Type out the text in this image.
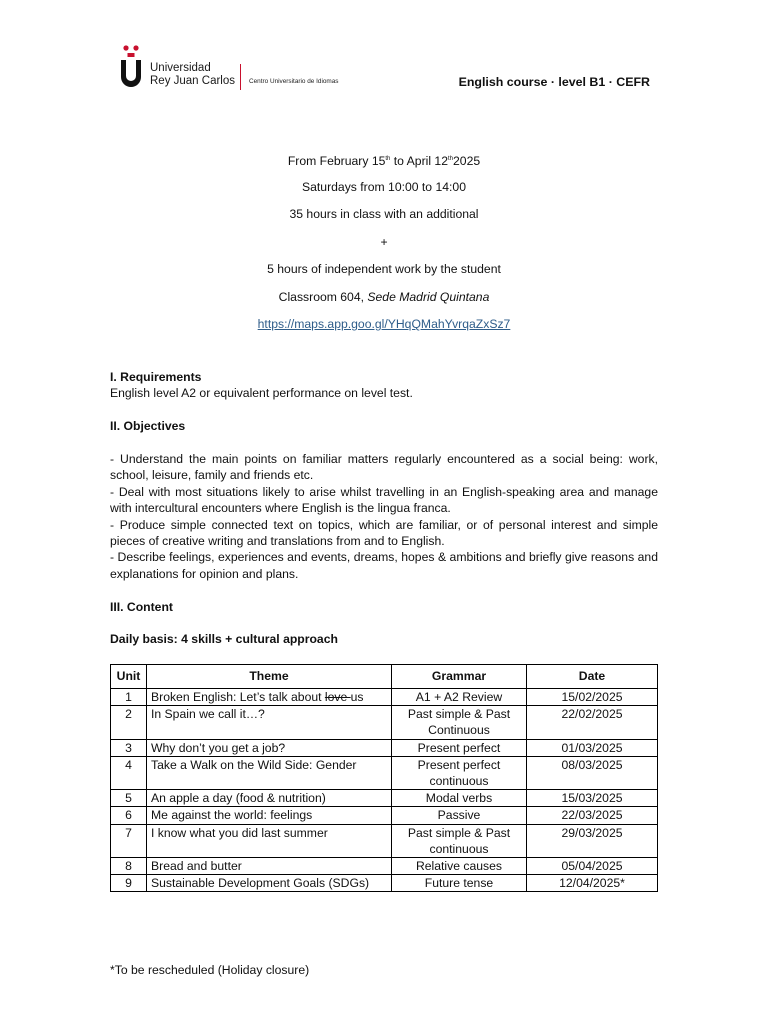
Universidad
Rey Juan Carlos Centro Universitario de Idiomas	English course · level B1 · CEFR

From February 15th to April 12th2025

Saturdays from 10:00 to 14:00

35 hours in class with an additional

+

5 hours of independent work by the student

Classroom 604, Sede Madrid Quintana

https://maps.app.goo.gl/YHqQMahYvrqaZxSz7

I. Requirements
English level A2 or equivalent performance on level test.
II. Objectives
- Understand the main points on familiar matters regularly encountered as a social being: work, school, leisure, family and friends etc.
- Deal with most situations likely to arise whilst travelling in an English-speaking area and manage with intercultural encounters where English is the lingua franca.
- Produce simple connected text on topics, which are familiar, or of personal interest and simple pieces of creative writing and translations from and to English.
- Describe feelings, experiences and events, dreams, hopes & ambitions and briefly give reasons and explanations for opinion and plans.
III. Content
Daily basis: 4 skills + cultural approach
Unit	Theme	Grammar	Date
1	Broken English: Let’s talk about love us	A1 + A2 Review	15/02/2025
2	In Spain we call it…?	Past simple & Past Continuous	22/02/2025
3	Why don’t you get a job?	Present perfect	01/03/2025
4	Take a Walk on the Wild Side: Gender	Present perfect continuous	08/03/2025
5	An apple a day (food & nutrition)	Modal verbs	15/03/2025
6	Me against the world: feelings	Passive	22/03/2025
7	I know what you did last summer	Past simple & Past continuous	29/03/2025
8	Bread and butter	Relative causes	05/04/2025
9	Sustainable Development Goals (SDGs)	Future tense	12/04/2025*
*To be rescheduled (Holiday closure)
